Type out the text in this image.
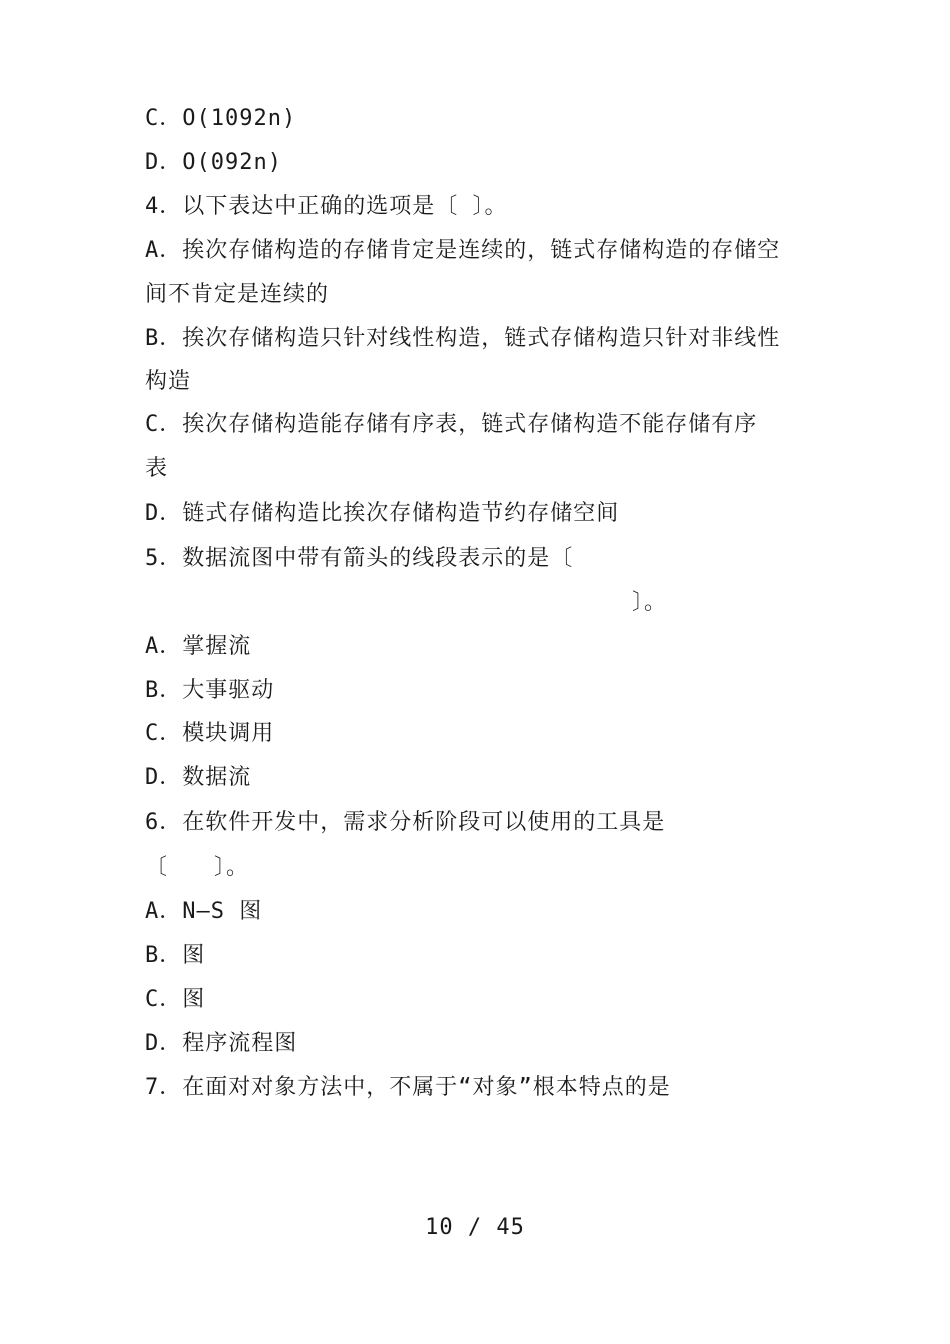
C．O(1092n)
D．O(092n)
4．以下表达中正确的选项是〔 〕。
A．挨次存储构造的存储肯定是连续的，链式存储构造的存储空
间不肯定是连续的
B．挨次存储构造只针对线性构造，链式存储构造只针对非线性
构造
C．挨次存储构造能存储有序表，链式存储构造不能存储有序
表
D．链式存储构造比挨次存储构造节约存储空间
5．数据流图中带有箭头的线段表示的是〔
〕。
A．掌握流
B．大事驱动
C．模块调用
D．数据流
6．在软件开发中，需求分析阶段可以使用的工具是
〔　　〕。
A．N—S 图
B．图
C．图
D．程序流程图
7．在面对对象方法中，不属于“对象”根本特点的是
10 / 45
